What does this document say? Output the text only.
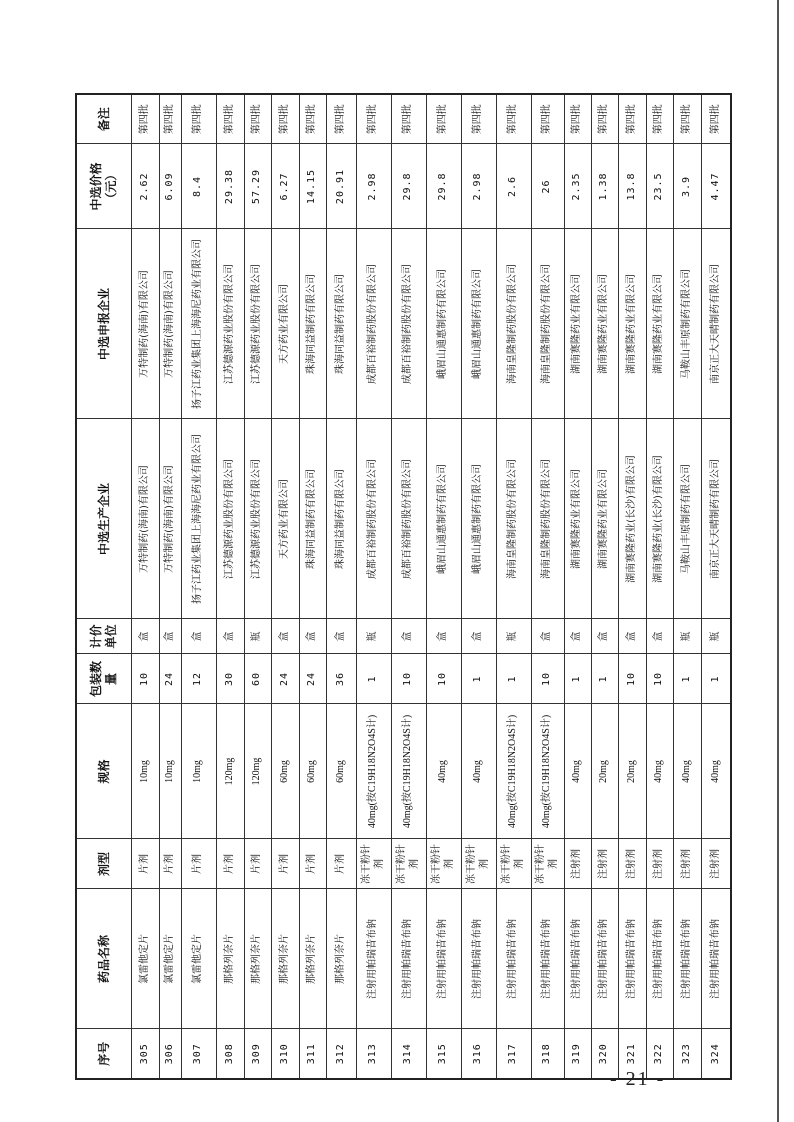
序号	药品名称	剂型	规格	包装数量	计价单位	中选生产企业	中选申报企业	中选价格（元）	备注
305	氯雷他定片	片剂	10mg	10	盒	万特制药(海南)有限公司	万特制药(海南)有限公司	2.62	第四批
306	氯雷他定片	片剂	10mg	24	盒	万特制药(海南)有限公司	万特制药(海南)有限公司	6.09	第四批
307	氯雷他定片	片剂	10mg	12	盒	扬子江药业集团上海海尼药业有限公司	扬子江药业集团上海海尼药业有限公司	8.4	第四批
308	那格列奈片	片剂	120mg	30	盒	江苏德源药业股份有限公司	江苏德源药业股份有限公司	29.38	第四批
309	那格列奈片	片剂	120mg	60	瓶	江苏德源药业股份有限公司	江苏德源药业股份有限公司	57.29	第四批
310	那格列奈片	片剂	60mg	24	盒	天方药业有限公司	天方药业有限公司	6.27	第四批
311	那格列奈片	片剂	60mg	24	盒	珠海同益制药有限公司	珠海同益制药有限公司	14.15	第四批
312	那格列奈片	片剂	60mg	36	盒	珠海同益制药有限公司	珠海同益制药有限公司	20.91	第四批
313	注射用帕瑞昔布钠	冻干粉针剂	40mg(按C19H18N2O4S计)	1	瓶	成都百裕制药股份有限公司	成都百裕制药股份有限公司	2.98	第四批
314	注射用帕瑞昔布钠	冻干粉针剂	40mg(按C19H18N2O4S计)	10	盒	成都百裕制药股份有限公司	成都百裕制药股份有限公司	29.8	第四批
315	注射用帕瑞昔布钠	冻干粉针剂	40mg	10	盒	峨眉山通惠制药有限公司	峨眉山通惠制药有限公司	29.8	第四批
316	注射用帕瑞昔布钠	冻干粉针剂	40mg	1	盒	峨眉山通惠制药有限公司	峨眉山通惠制药有限公司	2.98	第四批
317	注射用帕瑞昔布钠	冻干粉针剂	40mg(按C19H18N2O4S计)	1	瓶	海南皇隆制药股份有限公司	海南皇隆制药股份有限公司	2.6	第四批
318	注射用帕瑞昔布钠	冻干粉针剂	40mg(按C19H18N2O4S计)	10	盒	海南皇隆制药股份有限公司	海南皇隆制药股份有限公司	26	第四批
319	注射用帕瑞昔布钠	注射剂	40mg	1	盒	湖南赛隆药业有限公司	湖南赛隆药业有限公司	2.35	第四批
320	注射用帕瑞昔布钠	注射剂	20mg	1	盒	湖南赛隆药业有限公司	湖南赛隆药业有限公司	1.38	第四批
321	注射用帕瑞昔布钠	注射剂	20mg	10	盒	湖南赛隆药业(长沙)有限公司	湖南赛隆药业有限公司	13.8	第四批
322	注射用帕瑞昔布钠	注射剂	40mg	10	盒	湖南赛隆药业(长沙)有限公司	湖南赛隆药业有限公司	23.5	第四批
323	注射用帕瑞昔布钠	注射剂	40mg	1	瓶	马鞍山丰原制药有限公司	马鞍山丰原制药有限公司	3.9	第四批
324	注射用帕瑞昔布钠	注射剂	40mg	1	瓶	南京正大天晴制药有限公司	南京正大天晴制药有限公司	4.47	第四批
- 21 -
